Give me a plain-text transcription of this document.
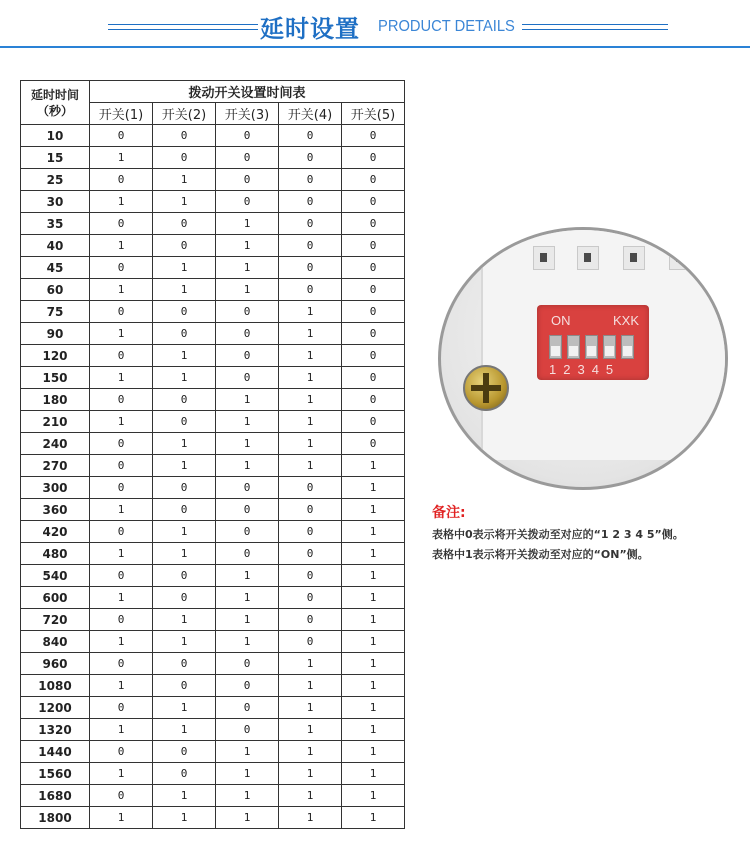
延时设置 PRODUCT DETAILS
延时时间
（秒）	拨动开关设置时间表				
	开关(1)	开关(2)	开关(3)	开关(4)	开关(5)
10	0	0	0	0	0
15	1	0	0	0	0
25	0	1	0	0	0
30	1	1	0	0	0
35	0	0	1	0	0
40	1	0	1	0	0
45	0	1	1	0	0
60	1	1	1	0	0
75	0	0	0	1	0
90	1	0	0	1	0
120	0	1	0	1	0
150	1	1	0	1	0
180	0	0	1	1	0
210	1	0	1	1	0
240	0	1	1	1	0
270	0	1	1	1	1
300	0	0	0	0	1
360	1	0	0	0	1
420	0	1	0	0	1
480	1	1	0	0	1
540	0	0	1	0	1
600	1	0	1	0	1
720	0	1	1	0	1
840	1	1	1	0	1
960	0	0	0	1	1
1080	1	0	0	1	1
1200	0	1	0	1	1
1320	1	1	0	1	1
1440	0	0	1	1	1
1560	1	0	1	1	1
1680	0	1	1	1	1
1800	1	1	1	1	1
ON	KXK
12345
备注:
表格中0表示将开关拨动至对应的“1 2 3 4 5”侧。
表格中1表示将开关拨动至对应的“ON”侧。
